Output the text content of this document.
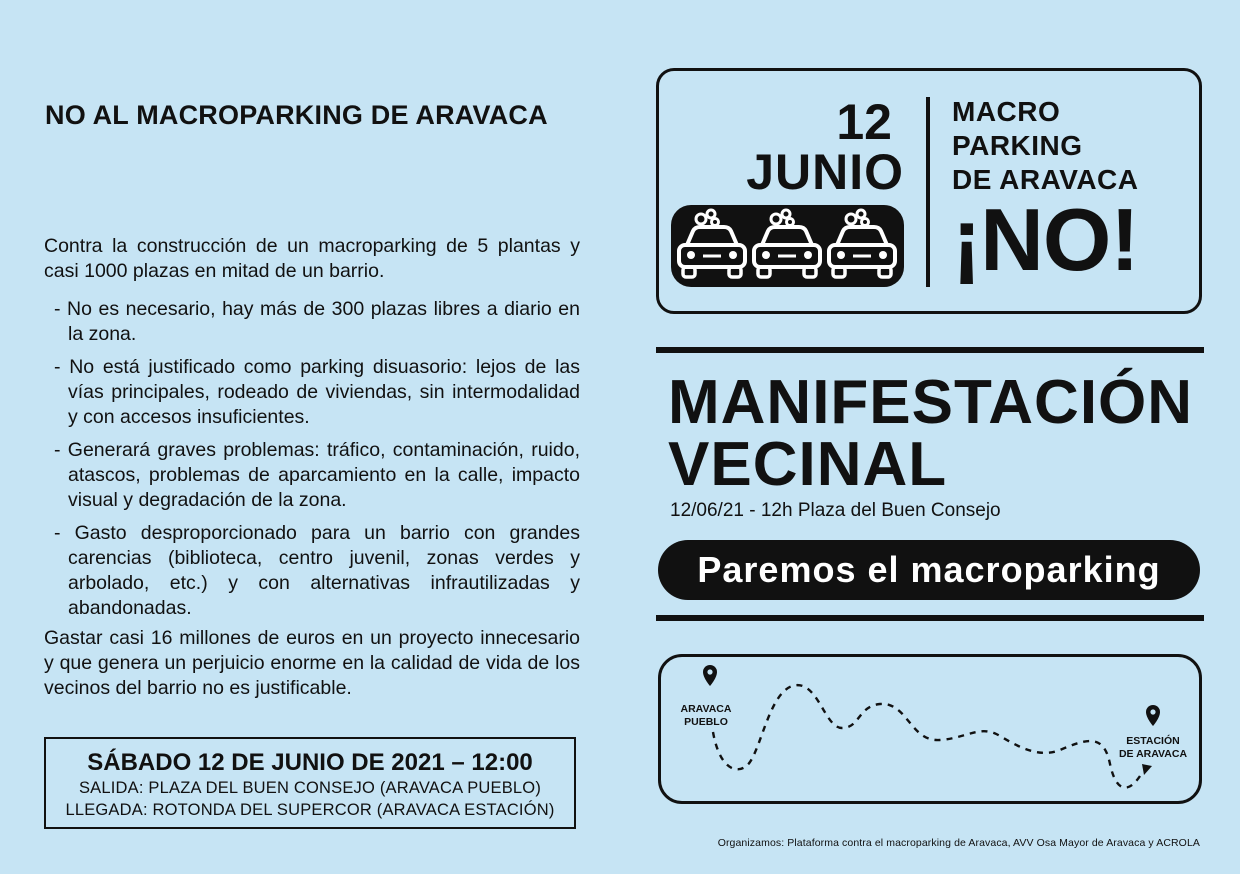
NO AL MACROPARKING DE ARAVACA
Contra la construcción de un macroparking de 5 plantas y casi 1000 plazas en mitad de un barrio.
- No es necesario, hay más de 300 plazas libres a diario en la zona.
- No está justificado como parking disuasorio: lejos de las vías principales, rodeado de viviendas, sin intermodalidad y con accesos insuficientes.
- Generará graves problemas: tráfico, contaminación, ruido, atascos, problemas de aparcamiento en la calle, impacto visual y degradación de la zona.
- Gasto desproporcionado para un barrio con grandes carencias (biblioteca, centro juvenil, zonas verdes y arbolado, etc.) y con alternativas infrautilizadas y abandonadas.
Gastar casi 16 millones de euros en un proyecto innecesario y que genera un perjuicio enorme en la calidad de vida de los vecinos del barrio no es justificable.
SÁBADO 12 DE JUNIO DE 2021 – 12:00
SALIDA: PLAZA DEL BUEN CONSEJO (ARAVACA PUEBLO)
LLEGADA: ROTONDA DEL SUPERCOR (ARAVACA ESTACIÓN)
12
JUNIO
MACRO
PARKING
DE ARAVACA
¡NO!
MANIFESTACIÓN
VECINAL
12/06/21 - 12h Plaza del Buen Consejo
Paremos el macroparking
ARAVACA
PUEBLO
ESTACIÓN
DE ARAVACA
Organizamos: Plataforma contra el macroparking de Aravaca, AVV Osa Mayor de Aravaca y ACROLA
